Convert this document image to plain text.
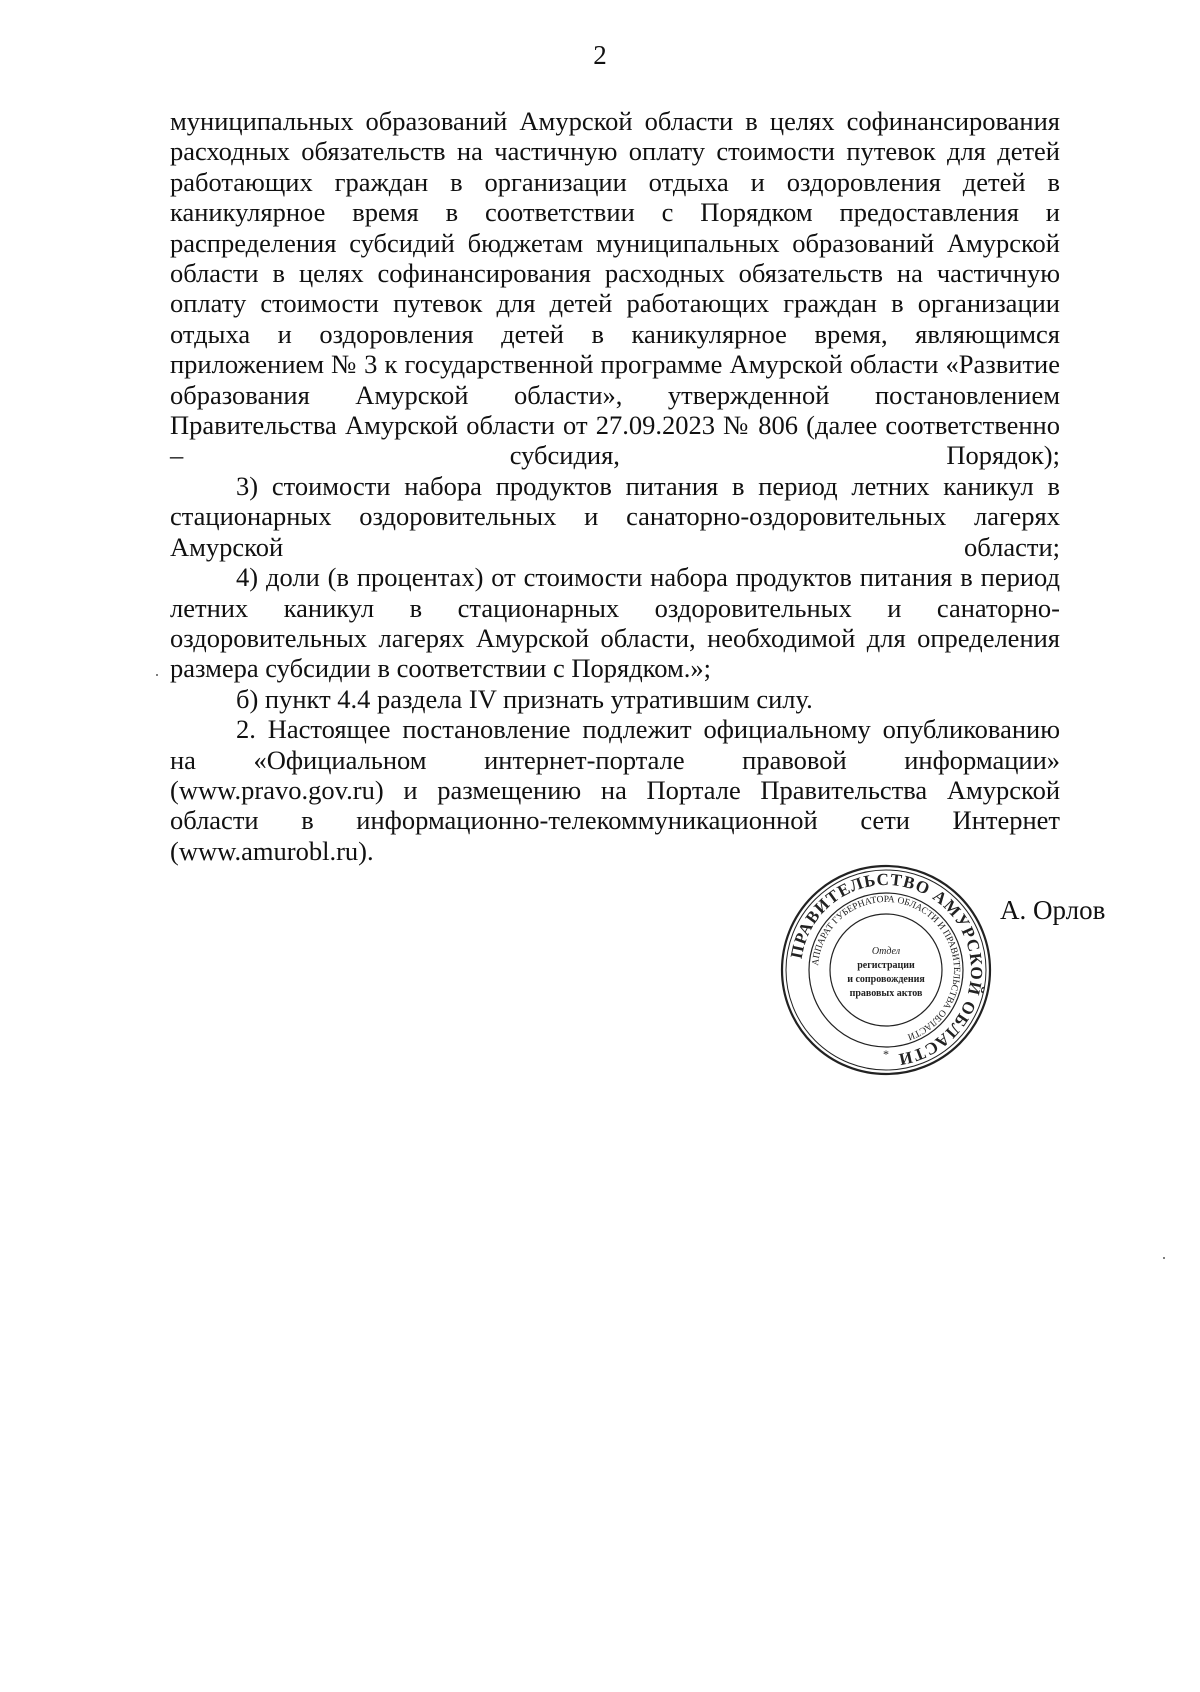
2

муниципальных образований Амурской области в целях софинансирования расходных обязательств на частичную оплату стоимости путевок для детей работающих граждан в организации отдыха и оздоровления детей в каникулярное время в соответствии с Порядком предоставления и распределения субсидий бюджетам муниципальных образований Амурской области в целях софинансирования расходных обязательств на частичную оплату стоимости путевок для детей работающих граждан в организации отдыха и оздоровления детей в каникулярное время, являющимся приложением № 3 к государственной программе Амурской области «Развитие образования Амурской области», утвержденной постановлением Правительства Амурской области от 27.09.2023 № 806 (далее соответственно – субсидия, Порядок);

3) стоимости набора продуктов питания в период летних каникул в стационарных оздоровительных и санаторно-оздоровительных лагерях Амурской области;

4) доли (в процентах) от стоимости набора продуктов питания в период летних каникул в стационарных оздоровительных и санаторно-оздоровительных лагерях Амурской области, необходимой для определения размера субсидии в соответствии с Порядком.»;

б) пункт 4.4 раздела IV признать утратившим силу.

2. Настоящее постановление подлежит официальному опубликованию на «Официальном интернет-портале правовой информации» (www.pravo.gov.ru) и размещению на Портале Правительства Амурской области в информационно-телекоммуникационной сети Интернет (www.amurobl.ru).

ПРАВИТЕЛЬСТВО АМУРСКОЙ ОБЛАСТИ
АППАРАТ ГУБЕРНАТОРА ОБЛАСТИ И ПРАВИТЕЛЬСТВА ОБЛАСТИ
Отдел
регистрации
и сопровождения
правовых актов
*
А. Орлов
